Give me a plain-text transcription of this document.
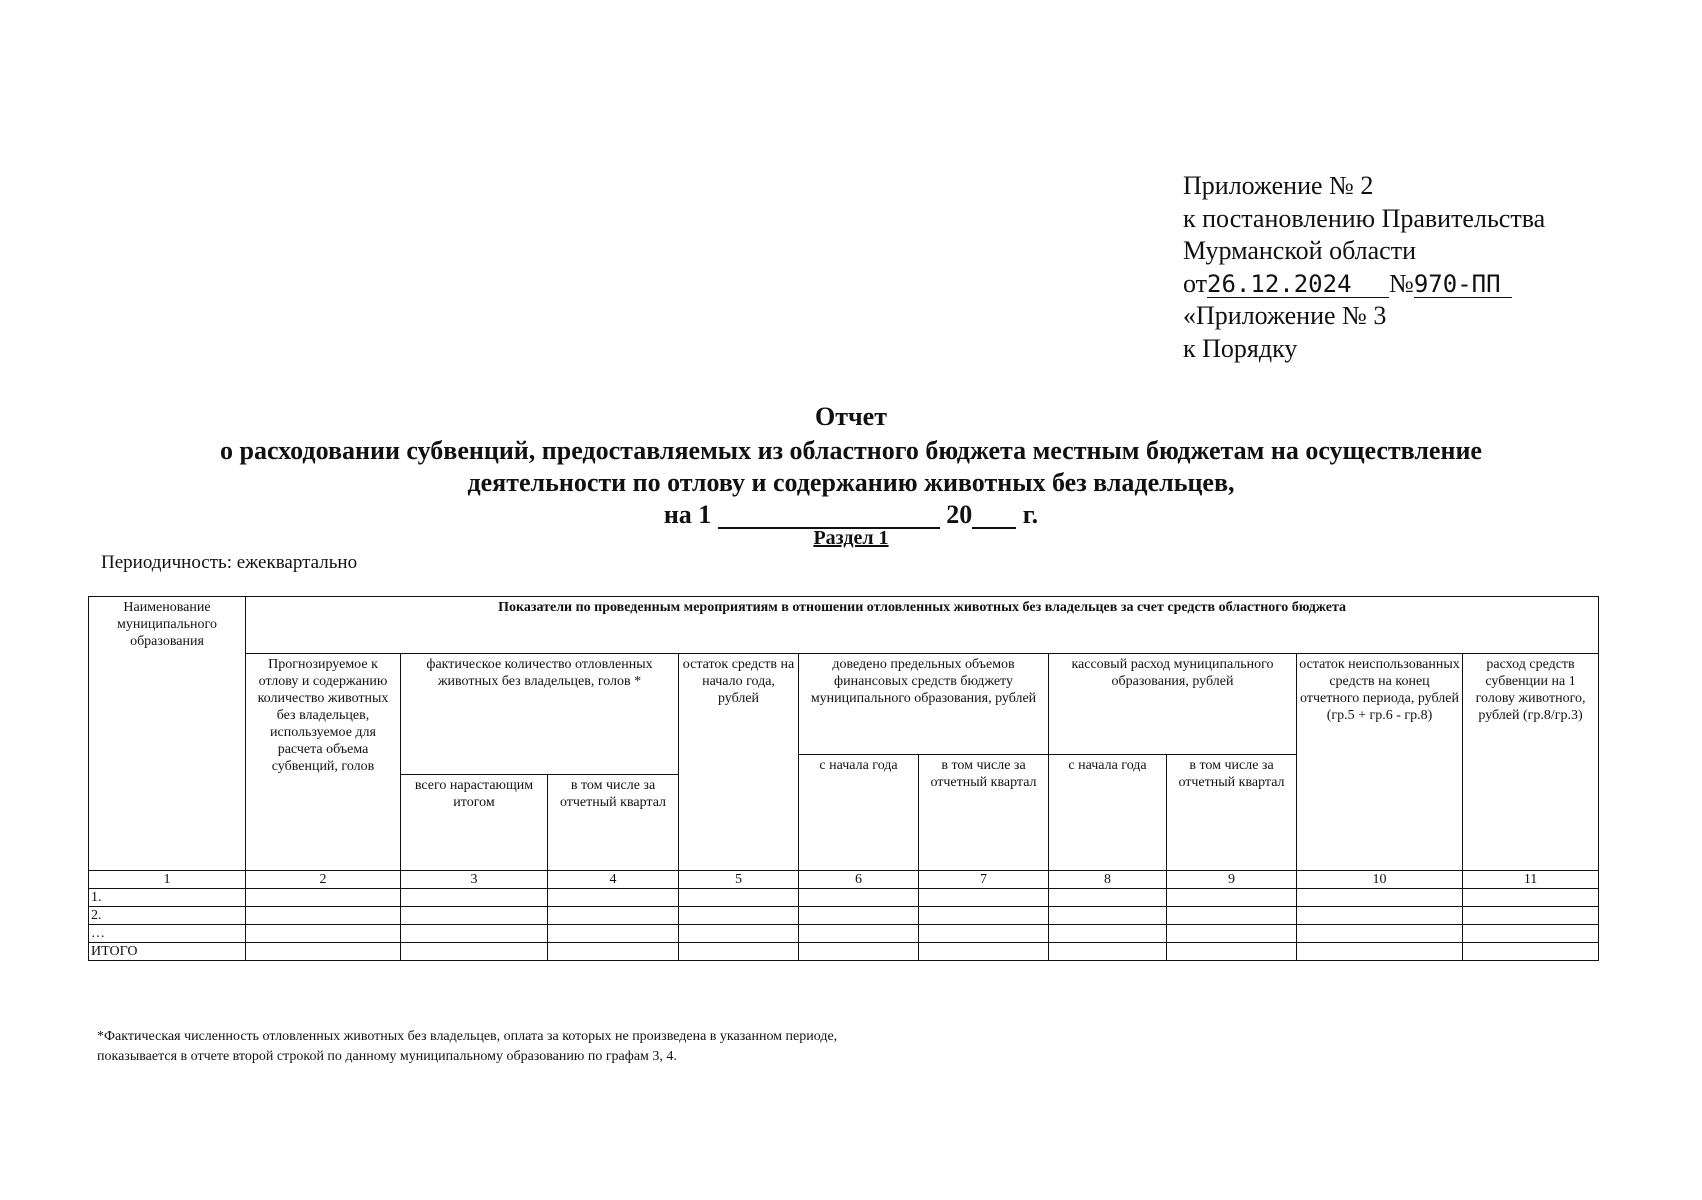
Приложение № 2
к постановлению Правительства
Мурманской области
от26.12.2024 №970-ПП
«Приложение № 3
к Порядку
Отчет
о расходовании субвенций, предоставляемых из областного бюджета местным бюджетам на осуществление
деятельности по отлову и содержанию животных без владельцев,
на 1	20 г.
Раздел 1
Периодичность: ежеквартально
Наименование муниципального образования	Показатели по проведенным мероприятиям в отношении отловленных животных без владельцев за счет средств областного бюджета									
	Прогнозируемое к отлову и содержанию количество животных без владельцев, используемое для расчета объема субвенций, голов	фактическое количество отловленных животных без владельцев, голов *		остаток средств на начало года, рублей	доведено предельных объемов финансовых средств бюджету муниципального образования, рублей		кассовый расход муниципального образования, рублей		остаток неиспользованных средств на конец отчетного периода, рублей (гр.5 + гр.6 - гр.8)	расход средств субвенции на 1 голову животного, рублей (гр.8/гр.3)
					с начала года	в том числе за отчетный квартал	с начала года	в том числе за отчетный квартал		
		всего нарастающим итогом	в том числе за отчетный квартал							
1	2	3	4	5	6	7	8	9	10	11
1.										
2.										
…										
ИТОГО										
*Фактическая численность отловленных животных без владельцев, оплата за которых не произведена в указанном периоде,
показывается в отчете второй строкой по данному муниципальному образованию по графам 3, 4.
